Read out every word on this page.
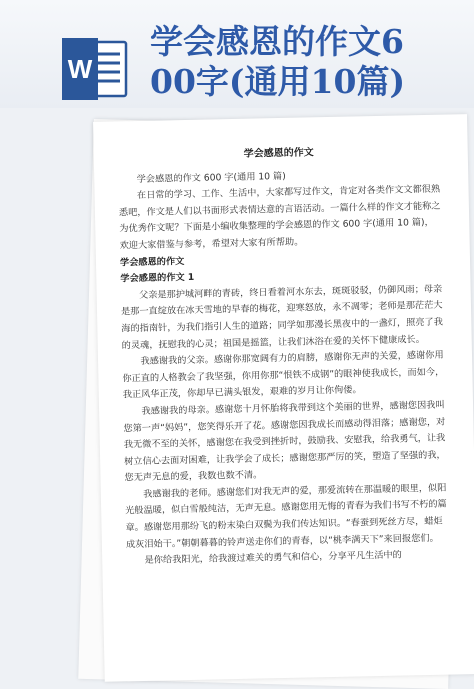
W
学会感恩的作文6
00字(通用10篇)

学会感恩的作文

学会感恩的作文 600 字(通用 10 篇)

在日常的学习、工作、生活中，大家都写过作文，肯定对各类作文文都很熟悉吧，作文是人们以书面形式表情达意的言语活动。一篇什么样的作文才能称之为优秀作文呢？下面是小编收集整理的学会感恩的作文 600 字(通用 10 篇)，欢迎大家借鉴与参考，希望对大家有所帮助。

学会感恩的作文

学会感恩的作文 1

父亲是那护城河畔的青砖，终日看着河水东去，斑斑驳驳，仍御风雨；母亲是那一直绽放在冰天雪地的早春的梅花，迎寒怒放，永不凋零；老师是那茫茫大海的指南针，为我们指引人生的道路；同学如那漫长黑夜中的一盏灯，照亮了我的灵魂，抚慰我的心灵；祖国是摇篮，让我们沐浴在爱的关怀下健康成长。

我感谢我的父亲。感谢你那宽阔有力的肩膀，感谢你无声的关爱，感谢你用你正直的人格教会了我坚强，你用你那“恨铁不成钢”的眼神使我成长，而如今，我正风华正茂，你却早已满头银发，艰难的岁月让你佝偻。

我感谢我的母亲。感谢您十月怀胎将我带到这个美丽的世界，感谢您因我叫您第一声“妈妈”，您笑得乐开了花。感谢您因我成长而感动得泪落；感谢您，对我无微不至的关怀，感谢您在我受到挫折时，鼓励我、安慰我，给我勇气，让我树立信心去面对困难，让我学会了成长；感谢您那严厉的笑，塑造了坚强的我，您无声无息的爱，我数也数不清。

我感谢我的老师。感谢您们对我无声的爱，那爱流转在那温暖的眼里，似阳光般温暖，似白雪般纯洁，无声无息。感谢您用无悔的青春为我们书写不朽的篇章。感谢您用那纷飞的粉末染白双鬓为我们传达知识。“春蚕到死丝方尽，蜡炬成灰泪始干。”朝朝暮暮的铃声送走你们的青春，以“桃李满天下”来回报您们。

是你给我阳光，给我渡过难关的勇气和信心，分享平凡生活中的
